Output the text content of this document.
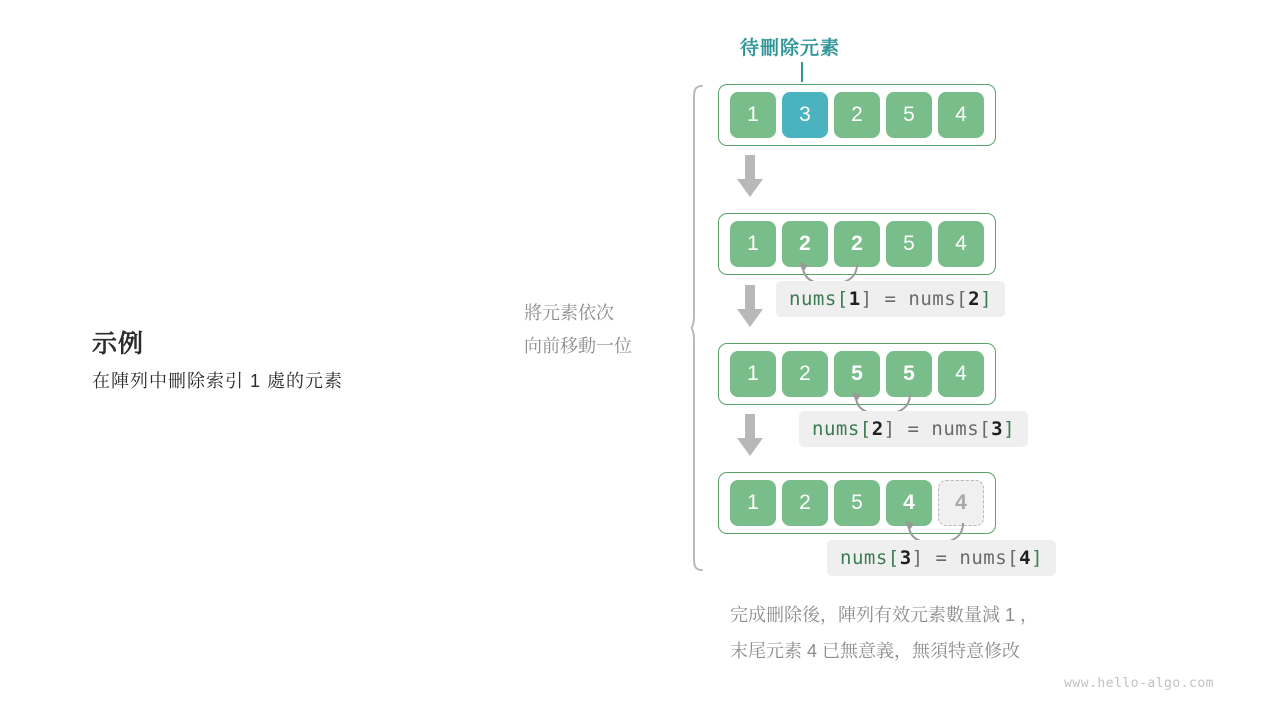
示例
在陣列中刪除索引 1 處的元素
將元素依次
向前移動一位
待刪除元素
1	3	2	5	4
1	2	2	5	4
nums[1] = nums[2]
1	2	5	5	4
nums[2] = nums[3]
1	2	5	4	4
nums[3] = nums[4]
完成刪除後，陣列有效元素數量減 1 ，
末尾元素 4 已無意義，無須特意修改
www.hello-algo.com
